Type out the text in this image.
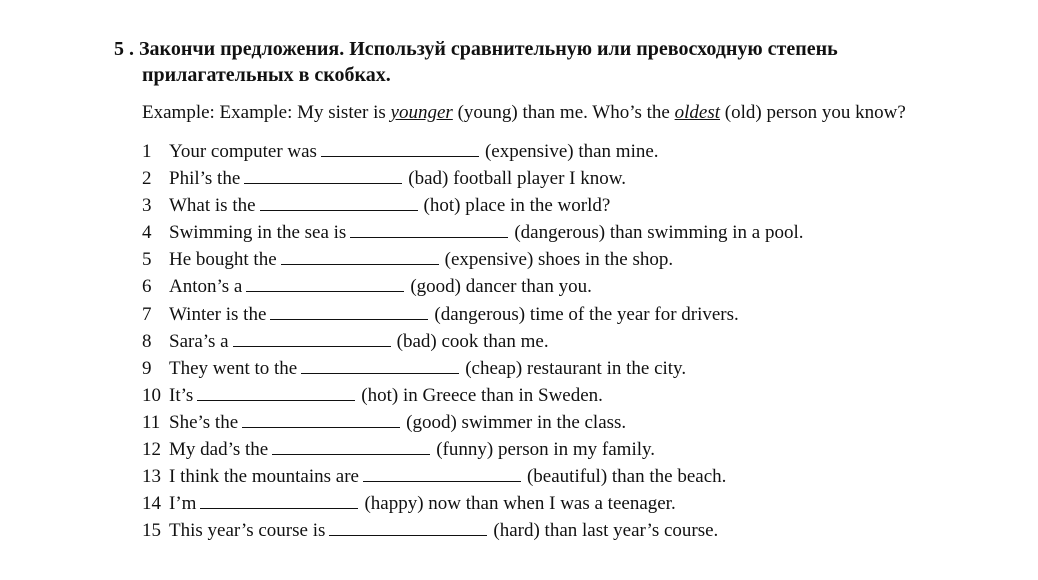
5 . Закончи предложения. Используй сравнительную или превосходную степень
прилагательных в скобках.
Example: Example: My sister is younger (young) than me. Who’s the oldest (old) person you know?
1 Your computer was	(expensive) than mine.
2 Phil’s the	(bad) football player I know.
3 What is the	(hot) place in the world?
4 Swimming in the sea is	(dangerous) than swimming in a pool.
5 He bought the	(expensive) shoes in the shop.
6 Anton’s a	(good) dancer than you.
7 Winter is the	(dangerous) time of the year for drivers.
8 Sara’s a	(bad) cook than me.
9 They went to the	(cheap) restaurant in the city.
10 It’s	(hot) in Greece than in Sweden.
11 She’s the	(good) swimmer in the class.
12 My dad’s the	(funny) person in my family.
13 I think the mountains are	(beautiful) than the beach.
14 I’m	(happy) now than when I was a teenager.
15 This year’s course is	(hard) than last year’s course.
